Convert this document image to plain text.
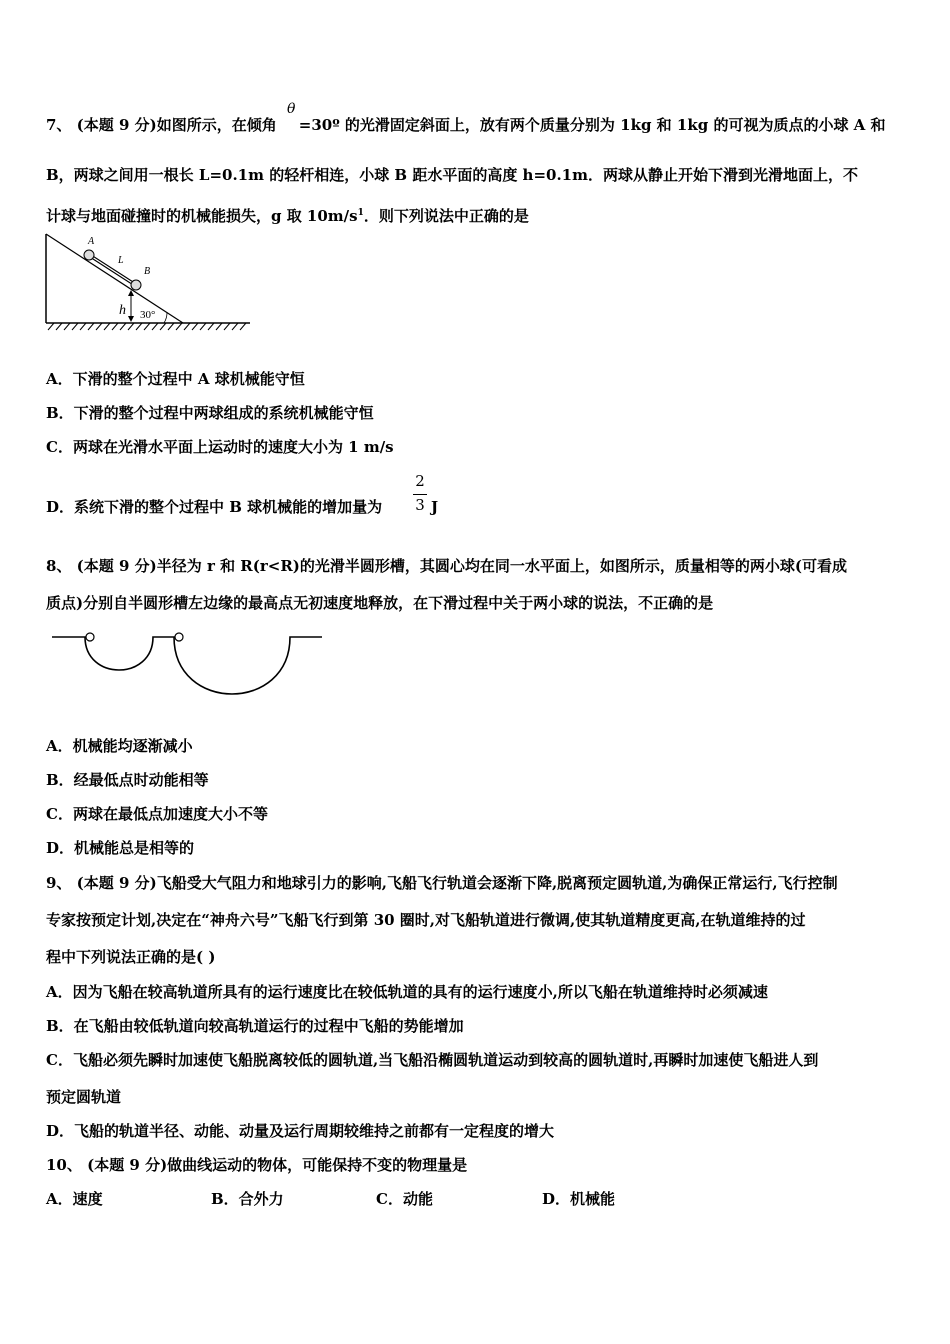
7、 (本题 9 分)如图所示，在倾角 =30º 的光滑固定斜面上，放有两个质量分别为 1kg 和 1kg 的可视为质点的小球 A 和
θ
B，两球之间用一根长 L=0.1m 的轻杆相连，小球 B 距水平面的高度 h=0.1m．两球从静止开始下滑到光滑地面上，不
计球与地面碰撞时的机械能损失，g 取 $10m/s^1$．则下列说法中正确的是
A
L
B
h 30°
A．下滑的整个过程中 A 球机械能守恒
B．下滑的整个过程中两球组成的系统机械能守恒
C．两球在光滑水平面上运动时的速度大小为 1 m/s
D．系统下滑的整个过程中 B 球机械能的增加量为
2
3 J
8、 (本题 9 分)半径为 r 和 R(r<R)的光滑半圆形槽，其圆心均在同一水平面上，如图所示，质量相等的两小球(可看成
质点)分别自半圆形槽左边缘的最高点无初速度地释放，在下滑过程中关于两小球的说法，不正确的是
A．机械能均逐渐减小
B．经最低点时动能相等
C．两球在最低点加速度大小不等
D．机械能总是相等的
9、 (本题 9 分)飞船受大气阻力和地球引力的影响,飞船飞行轨道会逐渐下降,脱离预定圆轨道,为确保正常运行,飞行控制
专家按预定计划,决定在“神舟六号”飞船飞行到第 30 圈时,对飞船轨道进行微调,使其轨道精度更高,在轨道维持的过
程中下列说法正确的是( )
A．因为飞船在较高轨道所具有的运行速度比在较低轨道的具有的运行速度小,所以飞船在轨道维持时必须减速
B．在飞船由较低轨道向较高轨道运行的过程中飞船的势能增加
C．飞船必须先瞬时加速使飞船脱离较低的圆轨道,当飞船沿椭圆轨道运动到较高的圆轨道时,再瞬时加速使飞船进人到
预定圆轨道
D．飞船的轨道半径、动能、动量及运行周期较维持之前都有一定程度的增大
10、 (本题 9 分)做曲线运动的物体，可能保持不变的物理量是
A．速度	B．合外力	C．动能	D．机械能
